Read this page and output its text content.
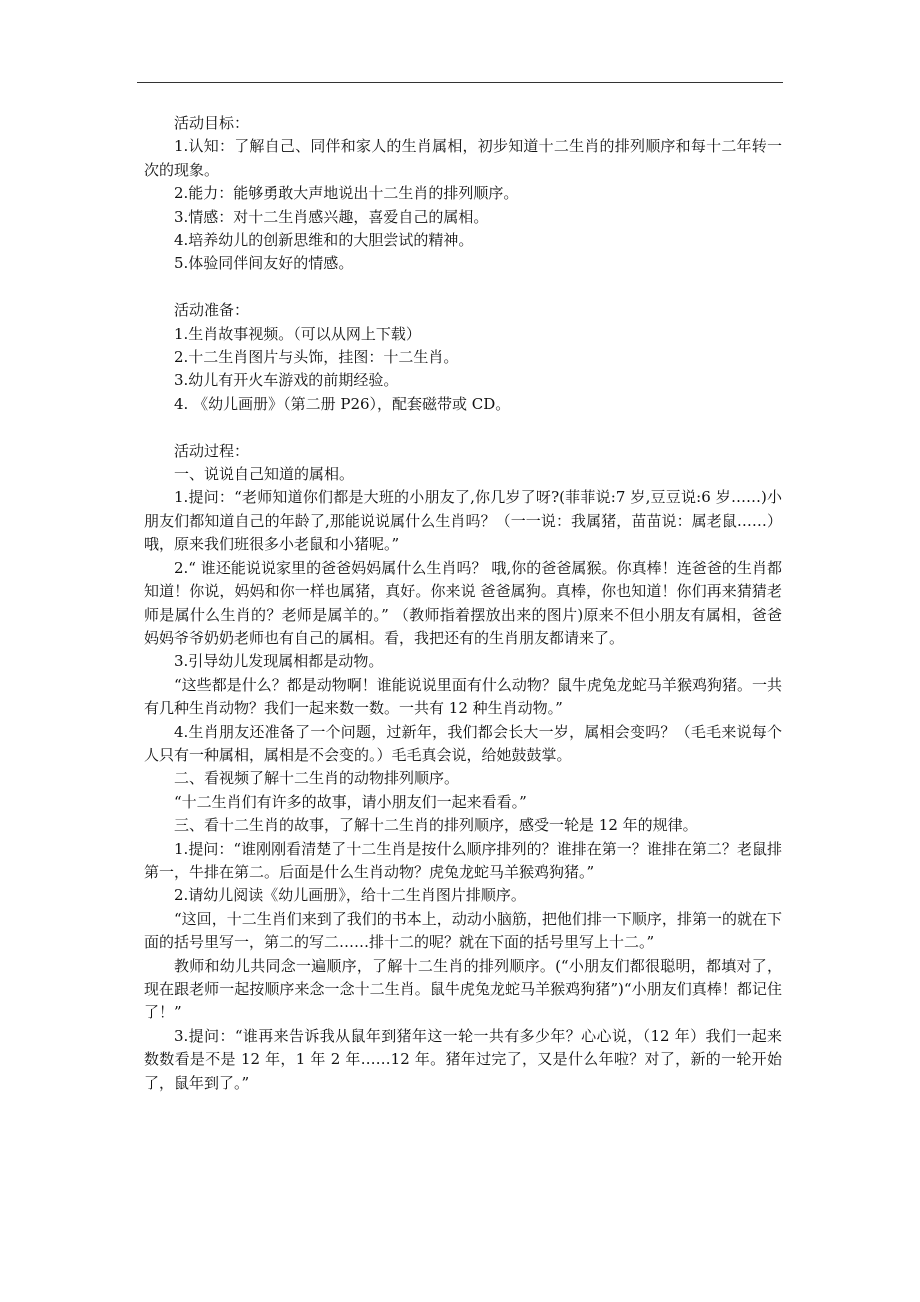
活动目标：

1.认知：了解自己、同伴和家人的生肖属相，初步知道十二生肖的排列顺序和每十二年转一次的现象。

2.能力：能够勇敢大声地说出十二生肖的排列顺序。

3.情感：对十二生肖感兴趣，喜爱自己的属相。

4.培养幼儿的创新思维和的大胆尝试的精神。

5.体验同伴间友好的情感。

活动准备：

1.生肖故事视频。（可以从网上下载）

2.十二生肖图片与头饰，挂图：十二生肖。

3.幼儿有开火车游戏的前期经验。

4. 《幼儿画册》（第二册 P26），配套磁带或 CD。

活动过程：

一、说说自己知道的属相。

1.提问：“老师知道你们都是大班的小朋友了,你几岁了呀?(菲菲说:7 岁,豆豆说:6 岁……)小朋友们都知道自己的年龄了,那能说说属什么生肖吗？（一一说：我属猪，苗苗说：属老鼠……）哦，原来我们班很多小老鼠和小猪呢。”

2.“ 谁还能说说家里的爸爸妈妈属什么生肖吗？ 哦,你的爸爸属猴。你真棒！连爸爸的生肖都知道！你说，妈妈和你一样也属猪，真好。你来说 爸爸属狗。真棒，你也知道！你们再来猜猜老师是属什么生肖的？老师是属羊的。” （教师指着摆放出来的图片)原来不但小朋友有属相，爸爸妈妈爷爷奶奶老师也有自己的属相。看，我把还有的生肖朋友都请来了。

3.引导幼儿发现属相都是动物。

“这些都是什么？都是动物啊！谁能说说里面有什么动物？鼠牛虎兔龙蛇马羊猴鸡狗猪。一共有几种生肖动物？我们一起来数一数。一共有 12 种生肖动物。”

4.生肖朋友还准备了一个问题，过新年，我们都会长大一岁，属相会变吗？（毛毛来说每个人只有一种属相，属相是不会变的。）毛毛真会说，给她鼓鼓掌。

二、看视频了解十二生肖的动物排列顺序。

“十二生肖们有许多的故事，请小朋友们一起来看看。”

三、看十二生肖的故事，了解十二生肖的排列顺序，感受一轮是 12 年的规律。

1.提问：“谁刚刚看清楚了十二生肖是按什么顺序排列的？谁排在第一？谁排在第二？老鼠排第一，牛排在第二。后面是什么生肖动物？虎兔龙蛇马羊猴鸡狗猪。”

2.请幼儿阅读《幼儿画册》，给十二生肖图片排顺序。

“这回，十二生肖们来到了我们的书本上，动动小脑筋，把他们排一下顺序，排第一的就在下面的括号里写一，第二的写二……排十二的呢？就在下面的括号里写上十二。”

教师和幼儿共同念一遍顺序，了解十二生肖的排列顺序。(“小朋友们都很聪明，都填对了，现在跟老师一起按顺序来念一念十二生肖。鼠牛虎兔龙蛇马羊猴鸡狗猪”)“小朋友们真棒！都记住了！”

3.提问：“谁再来告诉我从鼠年到猪年这一轮一共有多少年？心心说，（12 年）我们一起来数数看是不是 12 年，1 年 2 年……12 年。猪年过完了，又是什么年啦？对了，新的一轮开始了，鼠年到了。”
